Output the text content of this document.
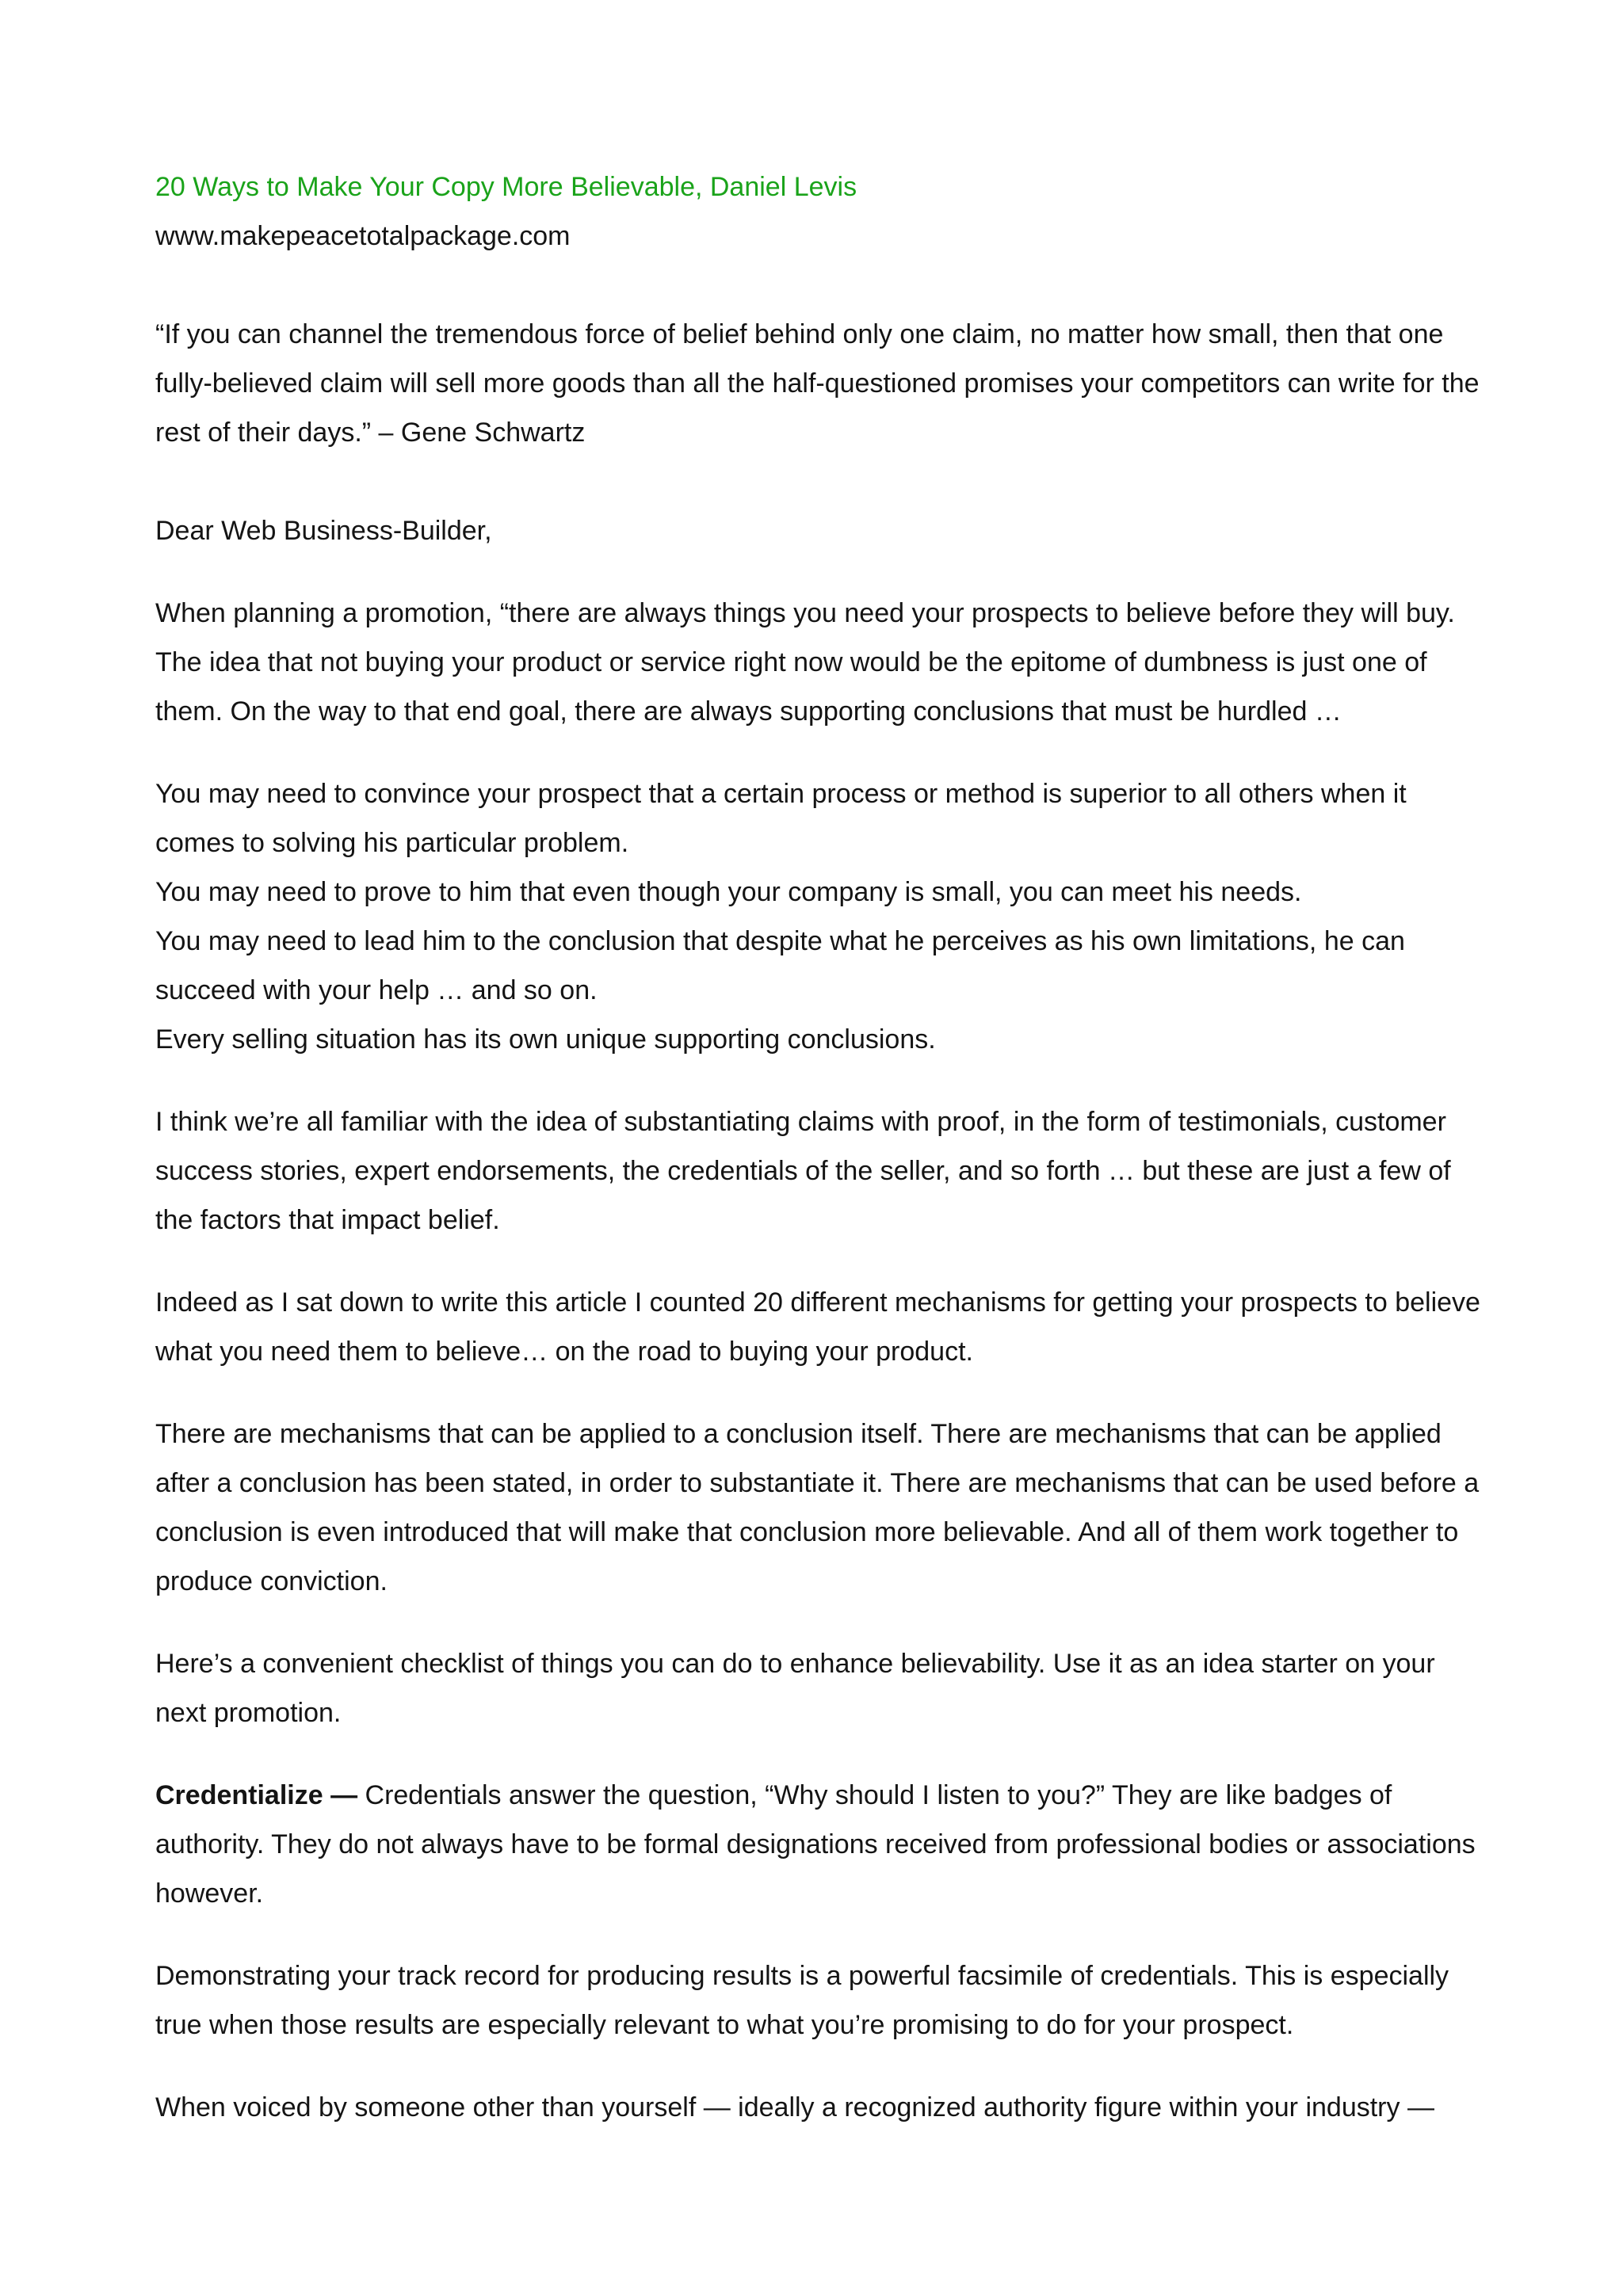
20 Ways to Make Your Copy More Believable, Daniel Levis
www.makepeacetotalpackage.com

“If you can channel the tremendous force of belief behind only one claim, no matter how small, then that one fully-believed claim will sell more goods than all the half-questioned promises your competitors can write for the rest of their days.” – Gene Schwartz

Dear Web Business-Builder,

When planning a promotion, “there are always things you need your prospects to believe before they will buy. The idea that not buying your product or service right now would be the epitome of dumbness is just one of them. On the way to that end goal, there are always supporting conclusions that must be hurdled …

You may need to convince your prospect that a certain process or method is superior to all others when it comes to solving his particular problem.
You may need to prove to him that even though your company is small, you can meet his needs.
You may need to lead him to the conclusion that despite what he perceives as his own limitations, he can succeed with your help … and so on.
Every selling situation has its own unique supporting conclusions.

I think we’re all familiar with the idea of substantiating claims with proof, in the form of testimonials, customer success stories, expert endorsements, the credentials of the seller, and so forth … but these are just a few of the factors that impact belief.

Indeed as I sat down to write this article I counted 20 different mechanisms for getting your prospects to believe what you need them to believe… on the road to buying your product.

There are mechanisms that can be applied to a conclusion itself. There are mechanisms that can be applied after a conclusion has been stated, in order to substantiate it. There are mechanisms that can be used before a conclusion is even introduced that will make that conclusion more believable. And all of them work together to produce conviction.

Here’s a convenient checklist of things you can do to enhance believability. Use it as an idea starter on your next promotion.

Credentialize — Credentials answer the question, “Why should I listen to you?” They are like badges of authority. They do not always have to be formal designations received from professional bodies or associations however.

Demonstrating your track record for producing results is a powerful facsimile of credentials. This is especially true when those results are especially relevant to what you’re promising to do for your prospect.

When voiced by someone other than yourself — ideally a recognized authority figure within your industry —
